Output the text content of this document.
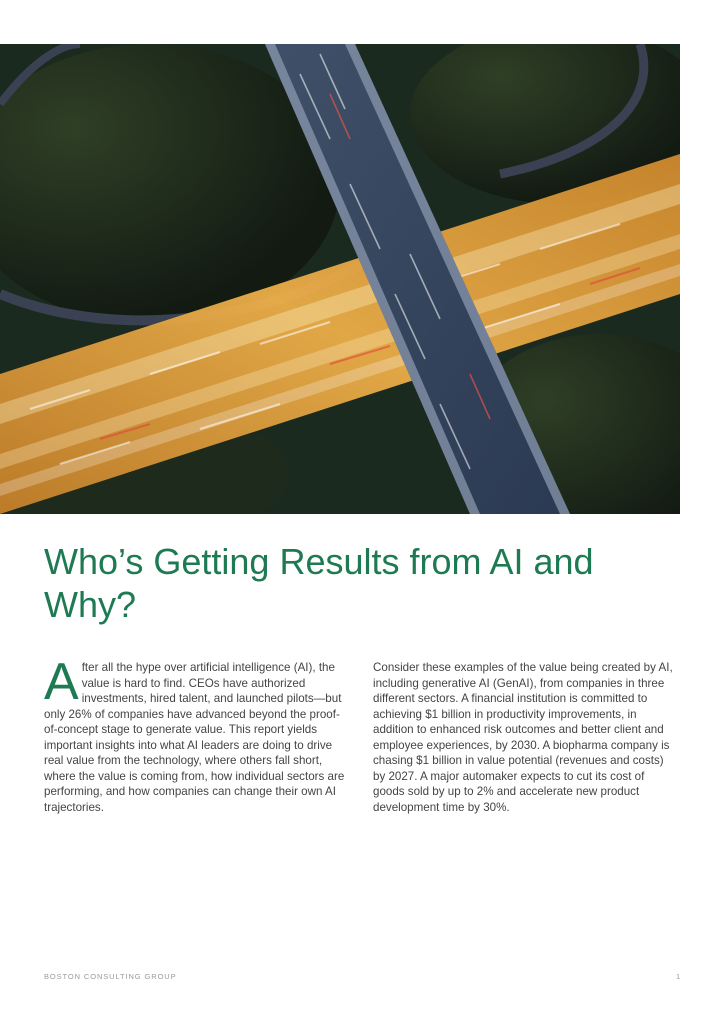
Who’s Getting Results from AI and Why?

After all the hype over artificial intelligence (AI), the value is hard to find. CEOs have authorized investments, hired talent, and launched pilots—but only 26% of companies have advanced beyond the proof-of-concept stage to generate value. This report yields important insights into what AI leaders are doing to drive real value from the technology, where others fall short, where the value is coming from, how individual sectors are performing, and how companies can change their own AI trajectories.

Consider these examples of the value being created by AI, including generative AI (GenAI), from companies in three different sectors. A financial institution is committed to achieving $1 billion in productivity improvements, in addition to enhanced risk outcomes and better client and employee experiences, by 2030. A biopharma company is chasing $1 billion in value potential (revenues and costs) by 2027. A major automaker expects to cut its cost of goods sold by up to 2% and accelerate new product development time by 30%.

BOSTON CONSULTING GROUP	1
